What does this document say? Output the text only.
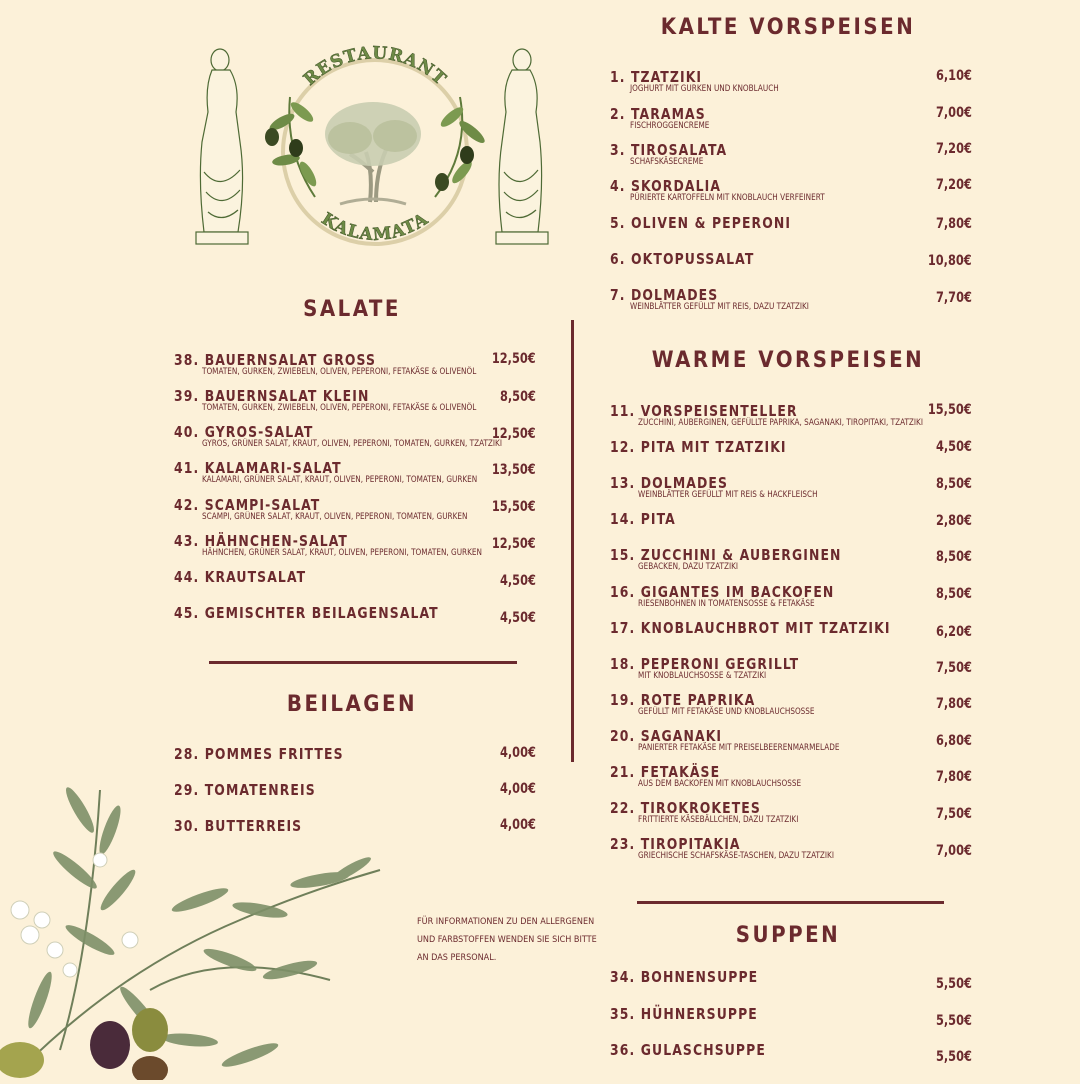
RESTAURANT
KALAMATA
SALATE
38. BAUERNSALAT GROSS
TOMATEN, GURKEN, ZWIEBELN, OLIVEN, PEPERONI, FETAKÄSE & OLIVENÖL
12,50€
39. BAUERNSALAT KLEIN
TOMATEN, GURKEN, ZWIEBELN, OLIVEN, PEPERONI, FETAKÄSE & OLIVENÖL
8,50€
40. GYROS-SALAT
GYROS, GRÜNER SALAT, KRAUT, OLIVEN, PEPERONI, TOMATEN, GURKEN, TZATZIKI
12,50€
41. KALAMARI-SALAT
KALAMARI, GRÜNER SALAT, KRAUT, OLIVEN, PEPERONI, TOMATEN, GURKEN
13,50€
42. SCAMPI-SALAT
SCAMPI, GRÜNER SALAT, KRAUT, OLIVEN, PEPERONI, TOMATEN, GURKEN
15,50€
43. HÄHNCHEN-SALAT
HÄHNCHEN, GRÜNER SALAT, KRAUT, OLIVEN, PEPERONI, TOMATEN, GURKEN
12,50€
44. KRAUTSALAT	4,50€
45. GEMISCHTER BEILAGENSALAT	4,50€
BEILAGEN
28. POMMES FRITTES	4,00€
29. TOMATENREIS	4,00€
30. BUTTERREIS	4,00€
FÜR INFORMATIONEN ZU DEN ALLERGENEN UND FARBSTOFFEN WENDEN SIE SICH BITTE AN DAS PERSONAL.
KALTE VORSPEISEN
1. TZATZIKI
JOGHURT MIT GURKEN UND KNOBLAUCH
6,10€
2. TARAMAS
FISCHROGGENCREME
7,00€
3. TIROSALATA
SCHAFSKÄSECREME
7,20€
4. SKORDALIA
PÜRIERTE KARTOFFELN MIT KNOBLAUCH VERFEINERT
7,20€
5. OLIVEN & PEPERONI	7,80€
6. OKTOPUSSALAT	10,80€
7. DOLMADES
WEINBLÄTTER GEFÜLLT MIT REIS, DAZU TZATZIKI
7,70€
WARME VORSPEISEN
11. VORSPEISENTELLER
ZUCCHINI, AUBERGINEN, GEFÜLLTE PAPRIKA, SAGANAKI, TIROPITAKI, TZATZIKI
15,50€
12. PITA MIT TZATZIKI	4,50€
13. DOLMADES
WEINBLÄTTER GEFÜLLT MIT REIS & HACKFLEISCH
8,50€
14. PITA	2,80€
15. ZUCCHINI & AUBERGINEN
GEBACKEN, DAZU TZATZIKI
8,50€
16. GIGANTES IM BACKOFEN
RIESENBOHNEN IN TOMATENSOSSE & FETAKÄSE
8,50€
17. KNOBLAUCHBROT MIT TZATZIKI	6,20€
18. PEPERONI GEGRILLT
MIT KNOBLAUCHSOSSE & TZATZIKI	7,50€
19. ROTE PAPRIKA
GEFÜLLT MIT FETAKÄSE UND KNOBLAUCHSOSSE	7,80€
20. SAGANAKI
PANIERTER FETAKÄSE MIT PREISELBEERENMARMELADE	6,80€
21. FETAKÄSE
AUS DEM BACKOFEN MIT KNOBLAUCHSOSSE	7,80€
22. TIROKROKETES
FRITTIERTE KÄSEBÄLLCHEN, DAZU TZATZIKI	7,50€
23. TIROPITAKIA
GRIECHISCHE SCHAFSKÄSE-TASCHEN, DAZU TZATZIKI	7,00€
SUPPEN
34. BOHNENSUPPE	5,50€
35. HÜHNERSUPPE	5,50€
36. GULASCHSUPPE	5,50€
